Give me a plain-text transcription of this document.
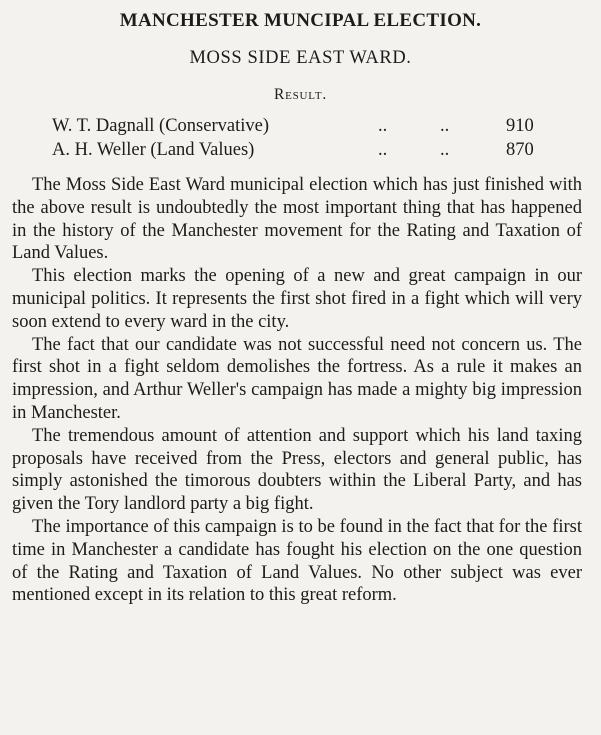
MANCHESTER MUNCIPAL ELECTION.
MOSS SIDE EAST WARD.
Result.
W. T. Dagnall (Conservative)	..	..	910
A. H. Weller (Land Values)	..	..	870

The Moss Side East Ward municipal election which has just finished with the above result is undoubtedly the most important thing that has happened in the history of the Manchester movement for the Rating and Taxation of Land Values.

This election marks the opening of a new and great campaign in our municipal politics. It represents the first shot fired in a fight which will very soon extend to every ward in the city.

The fact that our candidate was not successful need not concern us. The first shot in a fight seldom demolishes the fortress. As a rule it makes an impression, and Arthur Weller's campaign has made a mighty big impression in Manchester.

The tremendous amount of attention and support which his land taxing proposals have received from the Press, electors and general public, has simply astonished the timorous doubters within the Liberal Party, and has given the Tory landlord party a big fight.

The importance of this campaign is to be found in the fact that for the first time in Manchester a candidate has fought his election on the one question of the Rating and Taxation of Land Values. No other subject was ever mentioned except in its relation to this great reform.
